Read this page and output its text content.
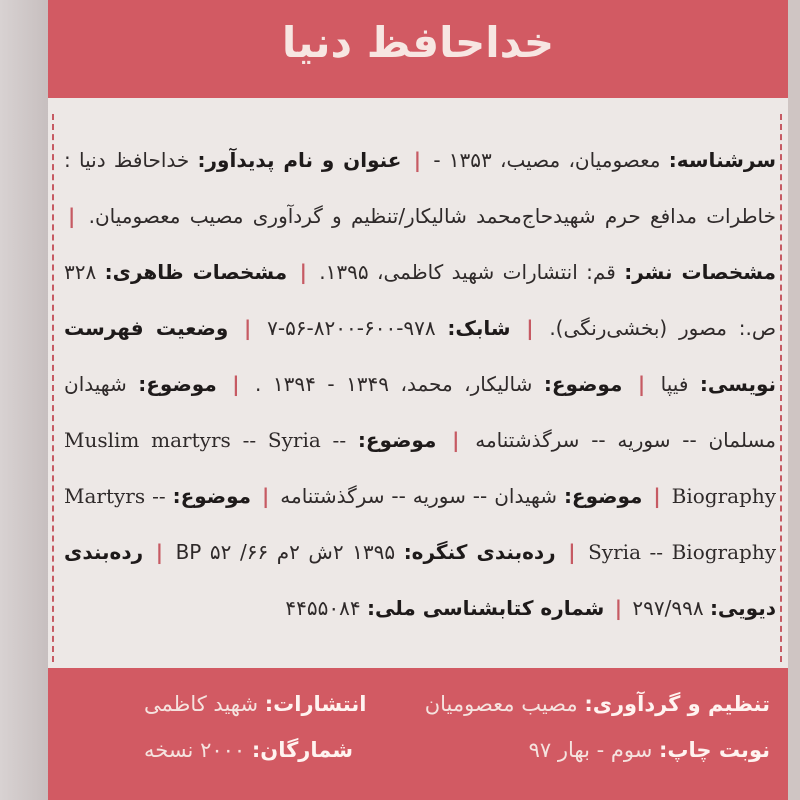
خداحافظ دنیا
سرشناسه: معصومیان، مصیب، ۱۳۵۳ - | عنوان و نام پدیدآور: خداحافظ دنیا : خاطرات مدافع حرم شهیدحاج‌محمد شالیکار/تنظیم و گردآوری مصیب معصومیان. | مشخصات نشر: قم: انتشارات شهید کاظمی، ۱۳۹۵. | مشخصات ظاهری: ۳۲۸ ص.: مصور (بخشی‌رنگی). | شابک: ۹۷۸-۶۰۰-۸۲۰۰-۵۶-۷ | وضعیت فهرست نویسی: فیپا | موضوع: شالیکار، محمد، ۱۳۴۹ - ۱۳۹۴ . | موضوع: شهیدان مسلمان -- سوریه -- سرگذشتنامه | موضوع: Muslim martyrs -- Syria -- Biography | موضوع: شهیدان -- سوریه -- سرگذشتنامه | موضوع: Martyrs -- Syria -- Biography | رده‌بندی کنگره: ۱۳۹۵ ۲ش ۲م ۶۶/ ۵۲ BP | رده‌بندی دیویی: ۲۹۷/۹۹۸ | شماره کتابشناسی ملی: ۴۴۵۵۰۸۴
تنظیم و گردآوری: مصیب معصومیان
انتشارات: شهید کاظمی
نوبت چاپ: سوم - بهار ۹۷
شمارگان: ۲۰۰۰ نسخه
